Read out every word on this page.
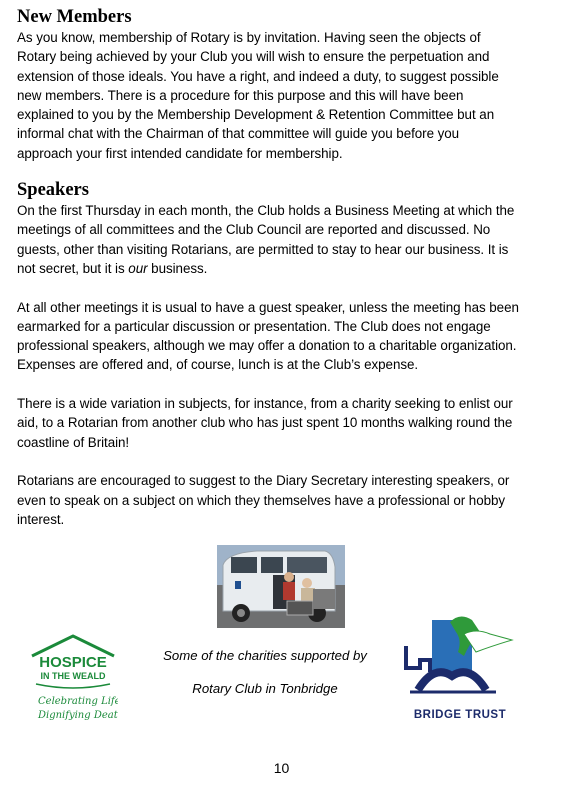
New Members

As you know, membership of Rotary is by invitation. Having seen the objects of
Rotary being achieved by your Club you will wish to ensure the perpetuation and
extension of those ideals. You have a right, and indeed a duty, to suggest possible
new members. There is a procedure for this purpose and this will have been
explained to you by the Membership Development & Retention Committee but an
informal chat with the Chairman of that committee will guide you before you
approach your first intended candidate for membership.

Speakers

On the first Thursday in each month, the Club holds a Business Meeting at which the
meetings of all committees and the Club Council are reported and discussed. No
guests, other than visiting Rotarians, are permitted to stay to hear our business. It is
not secret, but it is our business.

At all other meetings it is usual to have a guest speaker, unless the meeting has been
earmarked for a particular discussion or presentation. The Club does not engage
professional speakers, although we may offer a donation to a charitable organization.
Expenses are offered and, of course, lunch is at the Club’s expense.

There is a wide variation in subjects, for instance, from a charity seeking to enlist our
aid, to a Rotarian from another club who has just spent 10 months walking round the
coastline of Britain!

Rotarians are encouraged to suggest to the Diary Secretary interesting speakers, or
even to speak on a subject on which they themselves have a professional or hobby
interest.

Some of the charities supported by
Rotary Club in Tonbridge
HOSPICE
IN THE WEALD
Celebrating Life,
Dignifying Death	BRIDGE TRUST
10
